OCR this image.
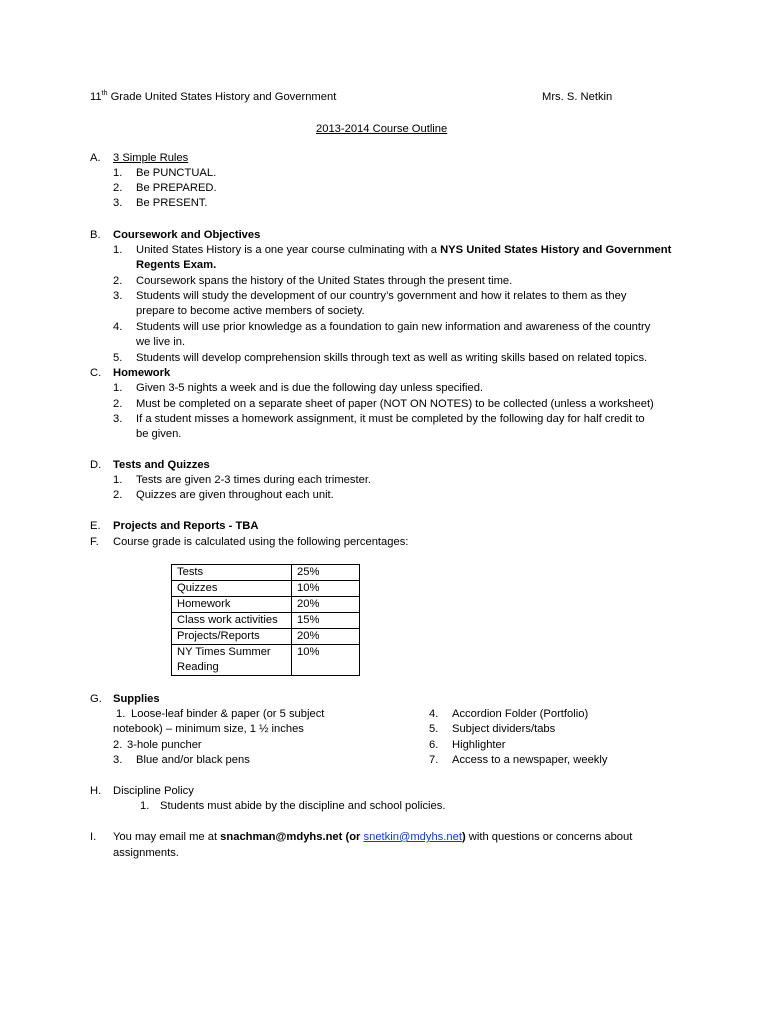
11th Grade United States History and Government	Mrs. S. Netkin
2013-2014 Course Outline
A. 3 Simple Rules
1. Be PUNCTUAL.
2. Be PREPARED.
3. Be PRESENT.
B. Coursework and Objectives
1. United States History is a one year course culminating with a NYS United States History and Government
Regents Exam.
2. Coursework spans the history of the United States through the present time.
3. Students will study the development of our country’s government and how it relates to them as they
prepare to become active members of society.
4. Students will use prior knowledge as a foundation to gain new information and awareness of the country
we live in.
5. Students will develop comprehension skills through text as well as writing skills based on related topics.
C. Homework
1. Given 3-5 nights a week and is due the following day unless specified.
2. Must be completed on a separate sheet of paper (NOT ON NOTES) to be collected (unless a worksheet)
3. If a student misses a homework assignment, it must be completed by the following day for half credit to
be given.
D. Tests and Quizzes
1. Tests are given 2-3 times during each trimester.
2. Quizzes are given throughout each unit.
E. Projects and Reports - TBA
F. Course grade is calculated using the following percentages:
Tests	25%
Quizzes	10%
Homework	20%
Class work activities	15%
Projects/Reports	20%

NY Times Summer
Reading	10%
G. Supplies
1. Loose-leaf binder & paper (or 5 subject
notebook) – minimum size, 1 ½ inches
2. 3-hole puncher
3. Blue and/or black pens
4. Accordion Folder (Portfolio)
5. Subject dividers/tabs
6. Highlighter
7. Access to a newspaper, weekly
H. Discipline Policy
1. Students must abide by the discipline and school policies.
I. You may email me at snachman@mdyhs.net (or snetkin@mdyhs.net) with questions or concerns about
assignments.
